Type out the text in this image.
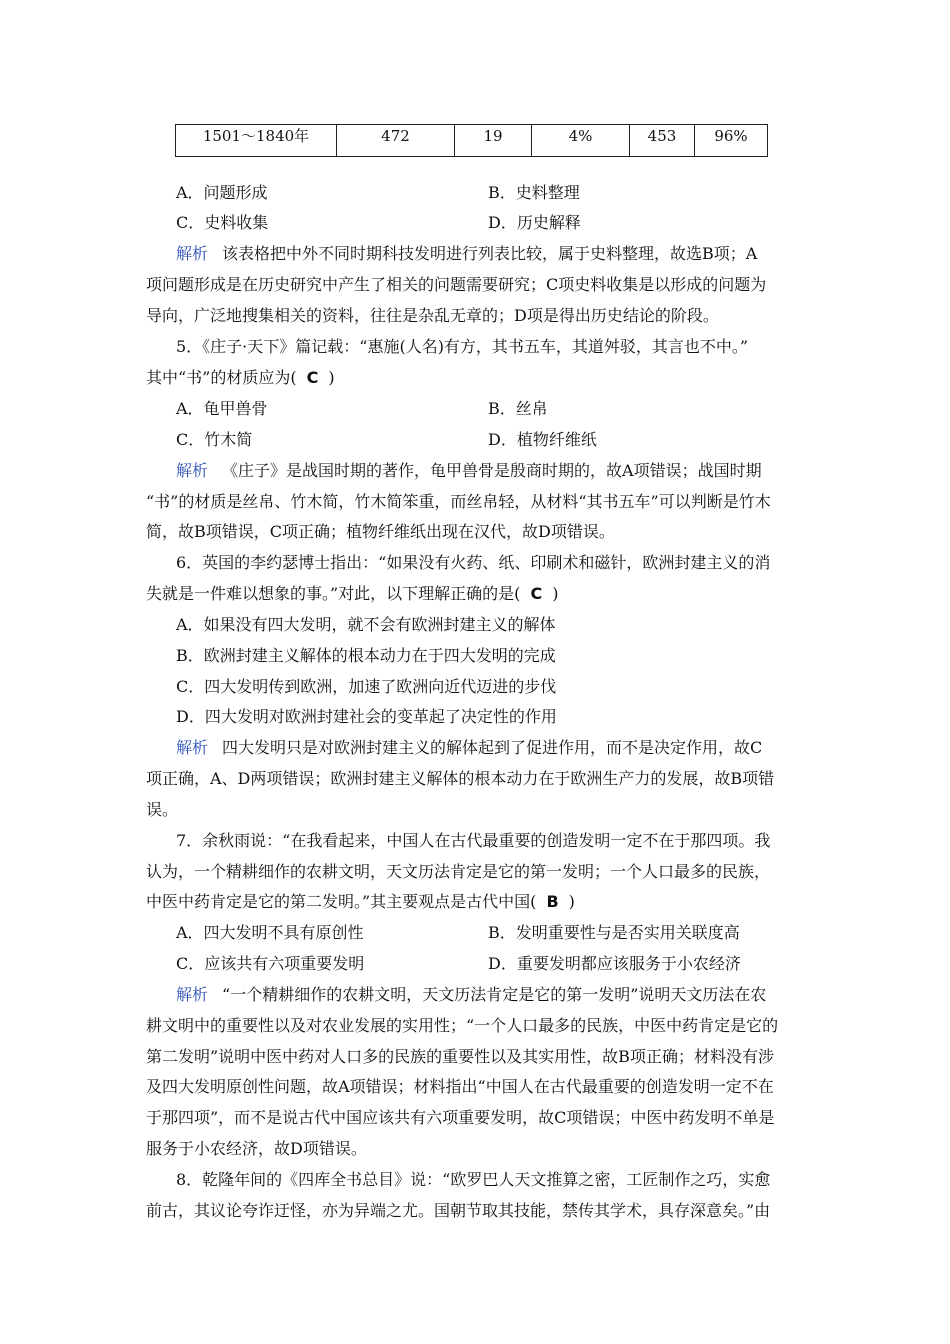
1501～1840年	472	19	4%	453	96%
A．问题形成	B．史料整理
C．史料收集	D．历史解释
解析 该表格把中外不同时期科技发明进行列表比较，属于史料整理，故选B项；A
项问题形成是在历史研究中产生了相关的问题需要研究；C项史料收集是以形成的问题为
导向，广泛地搜集相关的资料，往往是杂乱无章的；D项是得出历史结论的阶段。
5．《庄子·天下》篇记载：“惠施(人名)有方，其书五车，其道舛驳，其言也不中。”
其中“书”的材质应为( C )
A．龟甲兽骨	B．丝帛
C．竹木简	D．植物纤维纸
解析 《庄子》是战国时期的著作，龟甲兽骨是殷商时期的，故A项错误；战国时期
“书”的材质是丝帛、竹木简，竹木简笨重，而丝帛轻，从材料“其书五车”可以判断是竹木
简，故B项错误，C项正确；植物纤维纸出现在汉代，故D项错误。
6．英国的李约瑟博士指出：“如果没有火药、纸、印刷术和磁针，欧洲封建主义的消
失就是一件难以想象的事。”对此，以下理解正确的是( C )
A．如果没有四大发明，就不会有欧洲封建主义的解体
B．欧洲封建主义解体的根本动力在于四大发明的完成
C．四大发明传到欧洲，加速了欧洲向近代迈进的步伐
D．四大发明对欧洲封建社会的变革起了决定性的作用
解析 四大发明只是对欧洲封建主义的解体起到了促进作用，而不是决定作用，故C
项正确，A、D两项错误；欧洲封建主义解体的根本动力在于欧洲生产力的发展，故B项错
误。
7．余秋雨说：“在我看起来，中国人在古代最重要的创造发明一定不在于那四项。我
认为，一个精耕细作的农耕文明，天文历法肯定是它的第一发明；一个人口最多的民族，
中医中药肯定是它的第二发明。”其主要观点是古代中国( B )
A．四大发明不具有原创性	B．发明重要性与是否实用关联度高
C．应该共有六项重要发明	D．重要发明都应该服务于小农经济
解析 “一个精耕细作的农耕文明，天文历法肯定是它的第一发明”说明天文历法在农
耕文明中的重要性以及对农业发展的实用性；“一个人口最多的民族，中医中药肯定是它的
第二发明”说明中医中药对人口多的民族的重要性以及其实用性，故B项正确；材料没有涉
及四大发明原创性问题，故A项错误；材料指出“中国人在古代最重要的创造发明一定不在
于那四项”，而不是说古代中国应该共有六项重要发明，故C项错误；中医中药发明不单是
服务于小农经济，故D项错误。
8．乾隆年间的《四库全书总目》说：“欧罗巴人天文推算之密，工匠制作之巧，实愈
前古，其议论夸诈迂怪，亦为异端之尤。国朝节取其技能，禁传其学术，具存深意矣。”由
